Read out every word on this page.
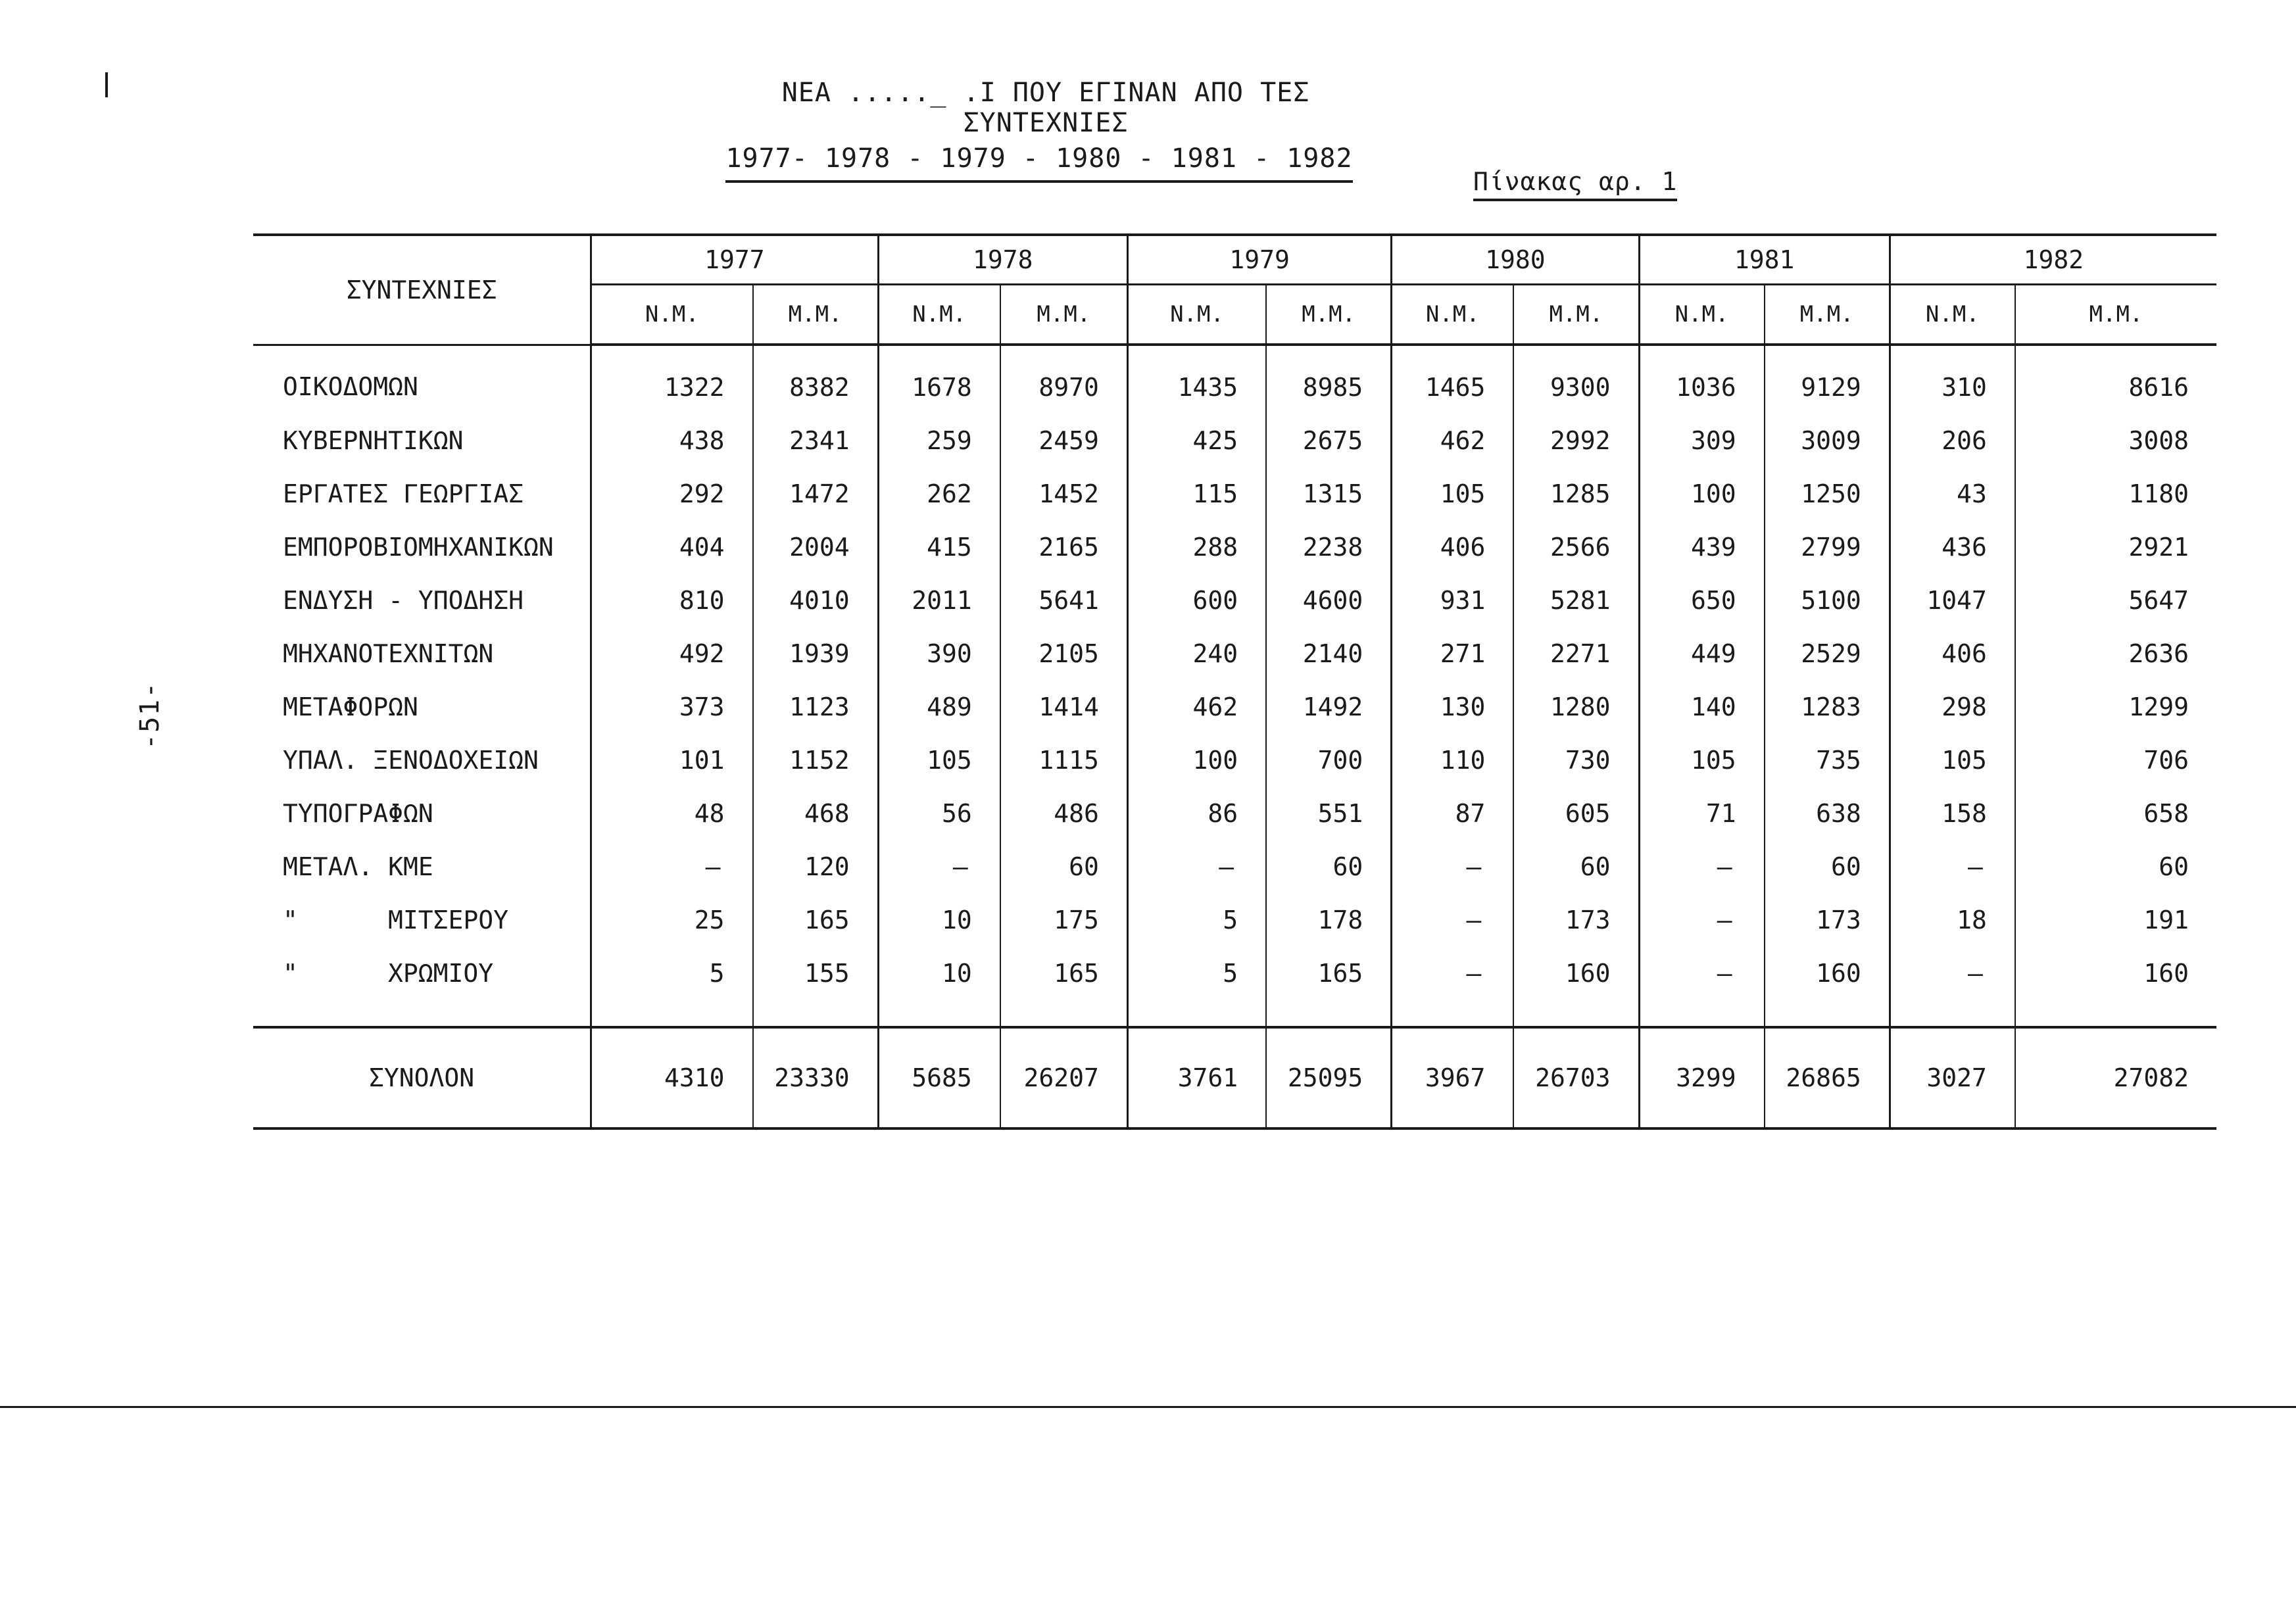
-51-
ΝΕΑ ....._ .Ι ΠΟΥ ΕΓΙΝΑΝ ΑΠΟ ΤΕΣ ΣΥΝΤΕΧΝΙΕΣ
1977- 1978 - 1979 - 1980 - 1981 - 1982
Πίνακας αρ. 1
ΣΥΝΤΕΧΝΙΕΣ	1977		1978		1979		1980		1981		1982	
	Ν.Μ.	Μ.Μ.	Ν.Μ.	Μ.Μ.	Ν.Μ.	Μ.Μ.	Ν.Μ.	Μ.Μ.	Ν.Μ.	Μ.Μ.	Ν.Μ.	Μ.Μ.
ΟΙΚΟΔΟΜΩΝ	1322	8382	1678	8970	1435	8985	1465	9300	1036	9129	310	8616
ΚΥΒΕΡΝΗΤΙΚΩΝ	438	2341	259	2459	425	2675	462	2992	309	3009	206	3008
ΕΡΓΑΤΕΣ ΓΕΩΡΓΙΑΣ	292	1472	262	1452	115	1315	105	1285	100	1250	43	1180
ΕΜΠΟΡΟΒΙΟΜΗΧΑΝΙΚΩΝ	404	2004	415	2165	288	2238	406	2566	439	2799	436	2921
ΕΝΔΥΣΗ - ΥΠΟΔΗΣΗ	810	4010	2011	5641	600	4600	931	5281	650	5100	1047	5647
ΜΗΧΑΝΟΤΕΧΝΙΤΩΝ	492	1939	390	2105	240	2140	271	2271	449	2529	406	2636
ΜΕΤΑΦΟΡΩΝ	373	1123	489	1414	462	1492	130	1280	140	1283	298	1299
ΥΠΑΛ. ΞΕΝΟΔΟΧΕΙΩΝ	101	1152	105	1115	100	700	110	730	105	735	105	706
ΤΥΠΟΓΡΑΦΩΝ	48	468	56	486	86	551	87	605	71	638	158	658
ΜΕΤΑΛ. ΚΜΕ	—	120	—	60	—	60	—	60	—	60	—	60
" ΜΙΤΣΕΡΟΥ	25	165	10	175	5	178	—	173	—	173	18	191
" ΧΡΩΜΙΟΥ	5	155	10	165	5	165	—	160	—	160	—	160
ΣΥΝΟΛΟΝ	4310	23330	5685	26207	3761	25095	3967	26703	3299	26865	3027	27082
